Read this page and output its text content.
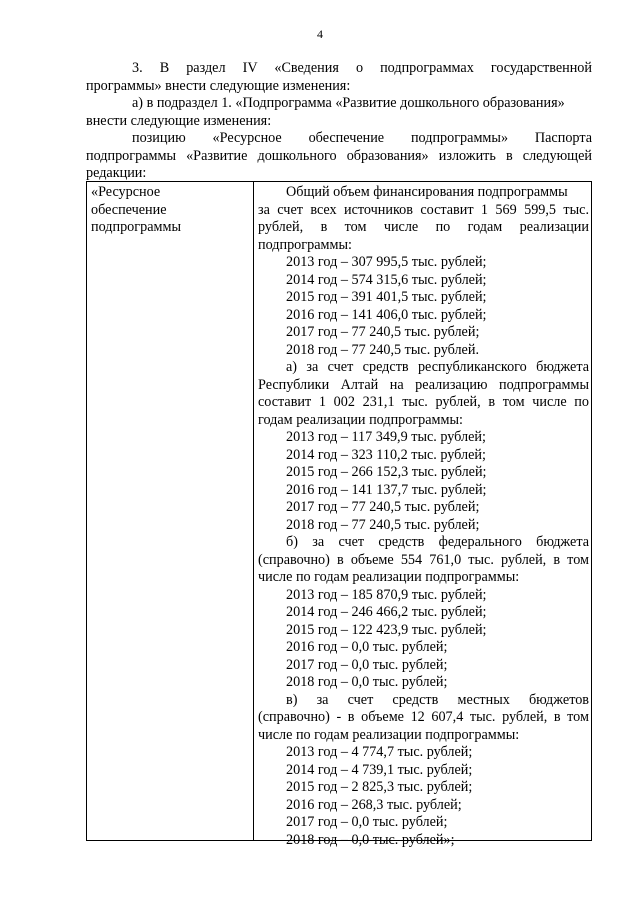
4

3. В раздел IV «Сведения о подпрограммах государственной

программы» внести следующие изменения:

а) в подраздел 1. «Подпрограмма «Развитие дошкольного образования»

внести следующие изменения:

позицию «Ресурсное обеспечение подпрограммы» Паспорта

подпрограммы «Развитие дошкольного образования» изложить в следующей

редакции:

«Ресурсное
обеспечение
подпрограммы
Общий объем финансирования подпрограммы
за счет всех источников составит 1 569 599,5 тыс.
рублей, в том числе по годам реализации
подпрограммы:
2013 год – 307 995,5 тыс. рублей;
2014 год – 574 315,6 тыс. рублей;
2015 год – 391 401,5 тыс. рублей;
2016 год – 141 406,0 тыс. рублей;
2017 год – 77 240,5 тыс. рублей;
2018 год – 77 240,5 тыс. рублей.
а) за счет средств республиканского бюджета
Республики Алтай на реализацию подпрограммы
составит 1 002 231,1 тыс. рублей, в том числе по
годам реализации подпрограммы:
2013 год – 117 349,9 тыс. рублей;
2014 год – 323 110,2 тыс. рублей;
2015 год – 266 152,3 тыс. рублей;
2016 год – 141 137,7 тыс. рублей;
2017 год – 77 240,5 тыс. рублей;
2018 год – 77 240,5 тыс. рублей;
б) за счет средств федерального бюджета
(справочно) в объеме 554 761,0 тыс. рублей, в том
числе по годам реализации подпрограммы:
2013 год – 185 870,9 тыс. рублей;
2014 год – 246 466,2 тыс. рублей;
2015 год – 122 423,9 тыс. рублей;
2016 год – 0,0 тыс. рублей;
2017 год – 0,0 тыс. рублей;
2018 год – 0,0 тыс. рублей;
в) за счет средств местных бюджетов
(справочно) - в объеме 12 607,4 тыс. рублей, в том
числе по годам реализации подпрограммы:
2013 год – 4 774,7 тыс. рублей;
2014 год – 4 739,1 тыс. рублей;
2015 год – 2 825,3 тыс. рублей;
2016 год – 268,3 тыс. рублей;
2017 год – 0,0 тыс. рублей;
2018 год – 0,0 тыс. рублей»;
